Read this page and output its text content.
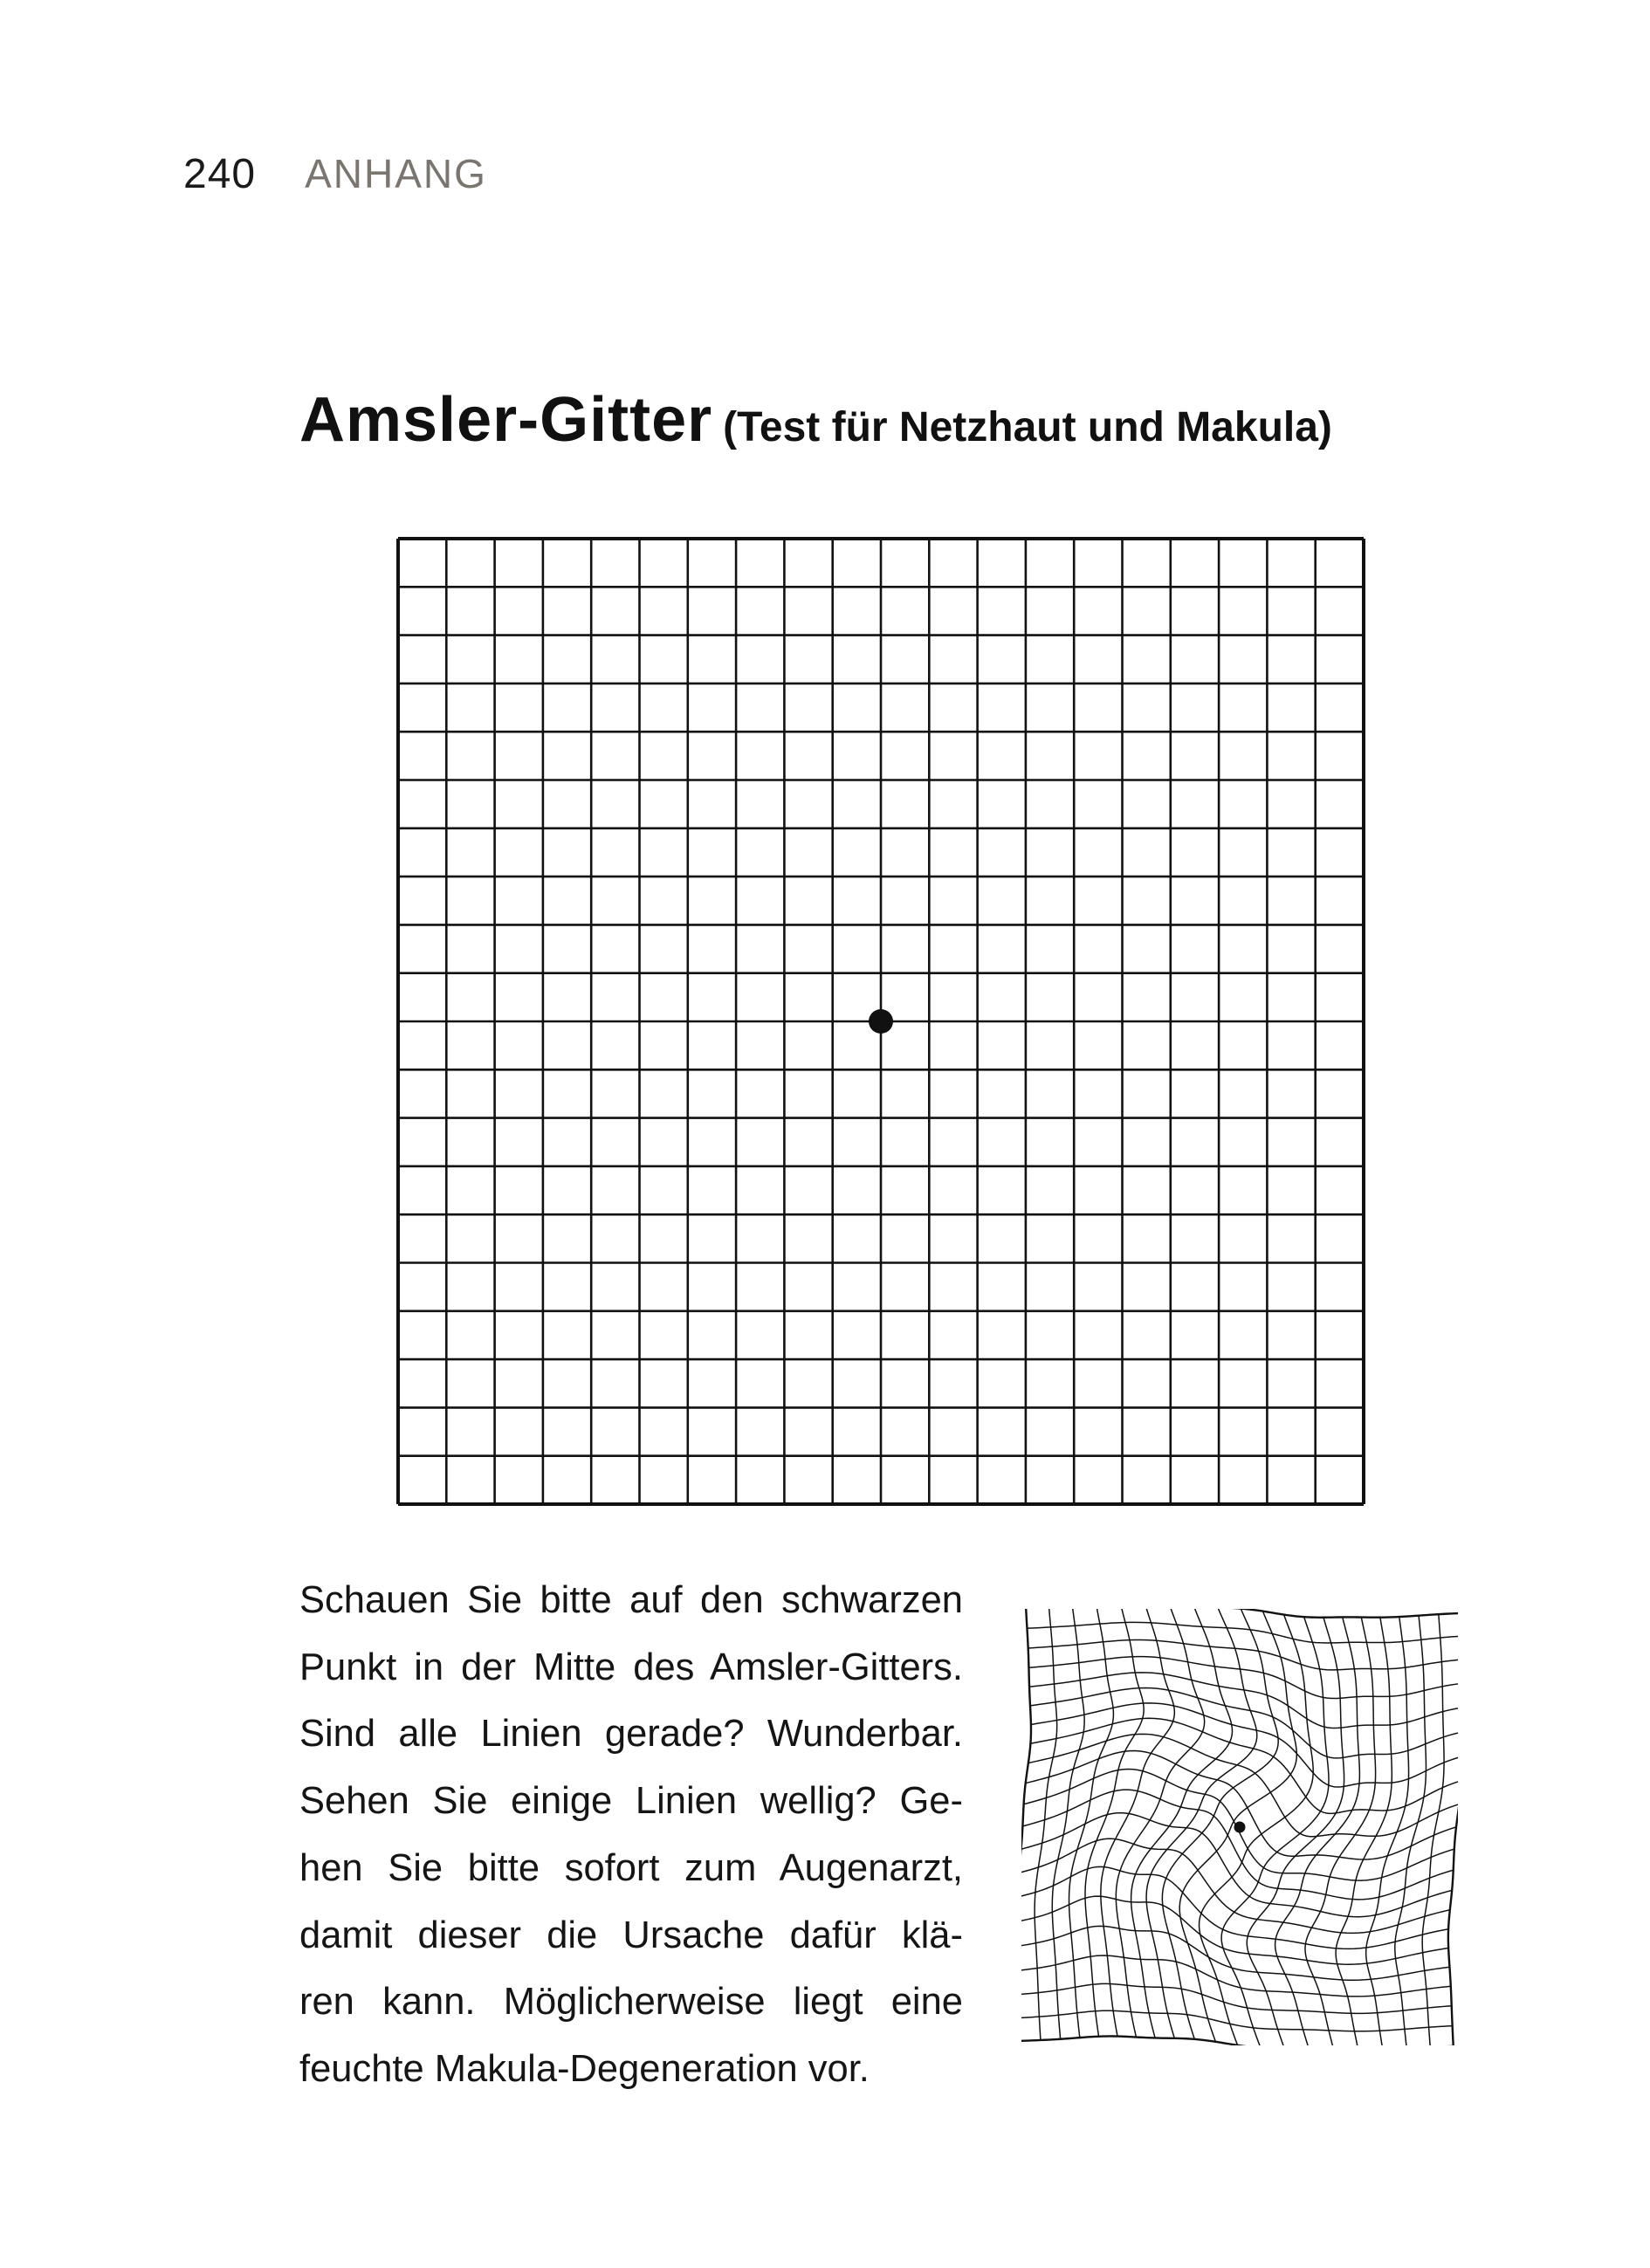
240 ANHANG
Amsler-Gitter (Test für Netzhaut und Makula)
Schauen Sie bitte auf den schwarzen
Punkt in der Mitte des Amsler-Gitters.
Sind alle Linien gerade? Wunderbar.
Sehen Sie einige Linien wellig? Ge-
hen Sie bitte sofort zum Augenarzt,
damit dieser die Ursache dafür klä-
ren kann. Möglicherweise liegt eine
feuchte Makula-Degeneration vor.
